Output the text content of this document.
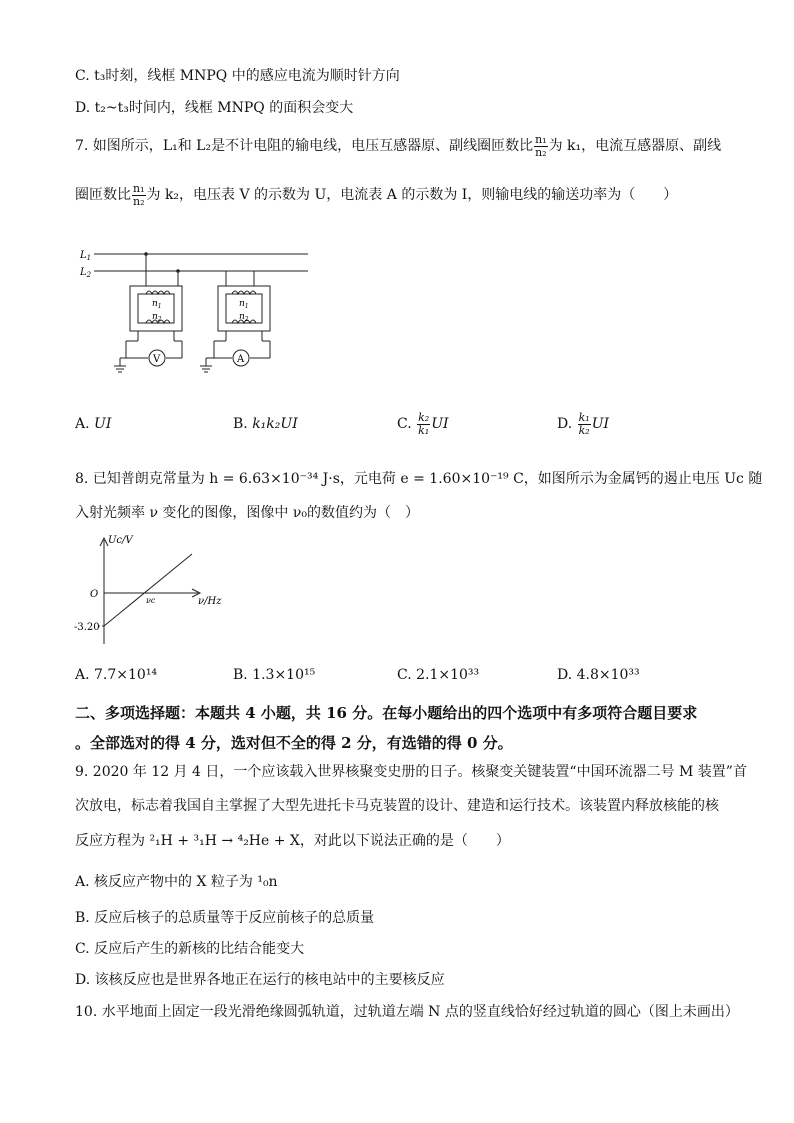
C. t₃时刻，线框 MNPQ 中的感应电流为顺时针方向
D. t₂~t₃时间内，线框 MNPQ 的面积会变大
7. 如图所示，L₁和 L₂是不计电阻的输电线，电压互感器原、副线圈匝数比 $\frac{\text{n₁}}{\text{n₂}}$ 为 k₁，电流互感器原、副线
圈匝数比 $\frac{\text{n₁}}{\text{n₂}}$ 为 k₂，电压表 V 的示数为 U，电流表 A 的示数为 I，则输电线的输送功率为（　　）
$L_1$
$L_2$
$n_1$
$n_2$
$n_1$
$n_2$
V	A
A. UI	B. k₁k₂UI	C. $\frac{\text{k₂}}{\text{k₁}}$ UI	D. $\frac{\text{k₁}}{\text{k₂}}$ UI
8. 已知普朗克常量为 h = 6.63×10⁻³⁴ J·s，元电荷 e = 1.60×10⁻¹⁹ C，如图所示为金属钙的遏止电压 Uc 随
入射光频率 ν 变化的图像，图像中 ν₀的数值约为（　）
Uc/V
ν/Hz
O
νc
-3.20
A. 7.7×10¹⁴	B. 1.3×10¹⁵	C. 2.1×10³³	D. 4.8×10³³
二、多项选择题：本题共 4 小题，共 16 分。在每小题给出的四个选项中有多项符合题目要求
。全部选对的得 4 分，选对但不全的得 2 分，有选错的得 0 分。
9. 2020 年 12 月 4 日，一个应该载入世界核聚变史册的日子。核聚变关键装置“中国环流器二号 M 装置”首
次放电，标志着我国自主掌握了大型先进托卡马克装置的设计、建造和运行技术。该装置内释放核能的核
反应方程为 ²₁H + ³₁H → ⁴₂He + X，对此以下说法正确的是（　　）
A. 核反应产物中的 X 粒子为 ¹₀n
B. 反应后核子的总质量等于反应前核子的总质量
C. 反应后产生的新核的比结合能变大
D. 该核反应也是世界各地正在运行的核电站中的主要核反应
10. 水平地面上固定一段光滑绝缘圆弧轨道，过轨道左端 N 点的竖直线恰好经过轨道的圆心（图上未画出）
